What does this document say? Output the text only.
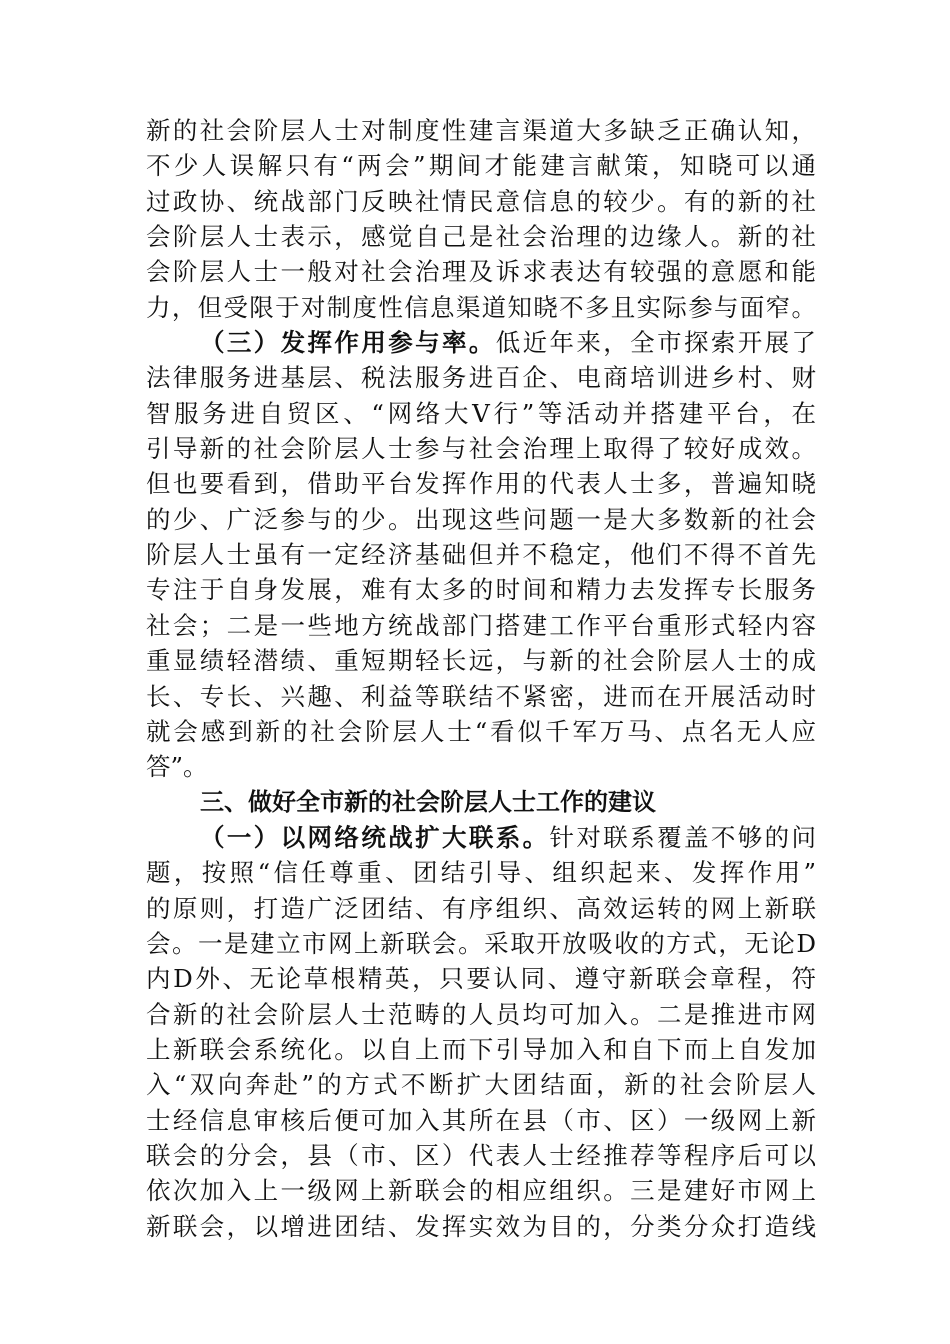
新的社会阶层人士对制度性建言渠道大多缺乏正确认知，
不少人误解只有“两会”期间才能建言献策，知晓可以通
过政协、统战部门反映社情民意信息的较少。有的新的社
会阶层人士表示，感觉自己是社会治理的边缘人。新的社
会阶层人士一般对社会治理及诉求表达有较强的意愿和能
力，但受限于对制度性信息渠道知晓不多且实际参与面窄。
（三）发挥作用参与率。低近年来，全市探索开展了
法律服务进基层、税法服务进百企、电商培训进乡村、财
智服务进自贸区、“网络大V行”等活动并搭建平台，在
引导新的社会阶层人士参与社会治理上取得了较好成效。
但也要看到，借助平台发挥作用的代表人士多，普遍知晓
的少、广泛参与的少。出现这些问题一是大多数新的社会
阶层人士虽有一定经济基础但并不稳定，他们不得不首先
专注于自身发展，难有太多的时间和精力去发挥专长服务
社会；二是一些地方统战部门搭建工作平台重形式轻内容
重显绩轻潜绩、重短期轻长远，与新的社会阶层人士的成
长、专长、兴趣、利益等联结不紧密，进而在开展活动时
就会感到新的社会阶层人士“看似千军万马、点名无人应
答”。
三、做好全市新的社会阶层人士工作的建议
（一）以网络统战扩大联系。针对联系覆盖不够的问
题，按照“信任尊重、团结引导、组织起来、发挥作用”
的原则，打造广泛团结、有序组织、高效运转的网上新联
会。一是建立市网上新联会。采取开放吸收的方式，无论D
内D外、无论草根精英，只要认同、遵守新联会章程，符
合新的社会阶层人士范畴的人员均可加入。二是推进市网
上新联会系统化。以自上而下引导加入和自下而上自发加
入“双向奔赴”的方式不断扩大团结面，新的社会阶层人
士经信息审核后便可加入其所在县（市、区）一级网上新
联会的分会，县（市、区）代表人士经推荐等程序后可以
依次加入上一级网上新联会的相应组织。三是建好市网上
新联会，以增进团结、发挥实效为目的，分类分众打造线
